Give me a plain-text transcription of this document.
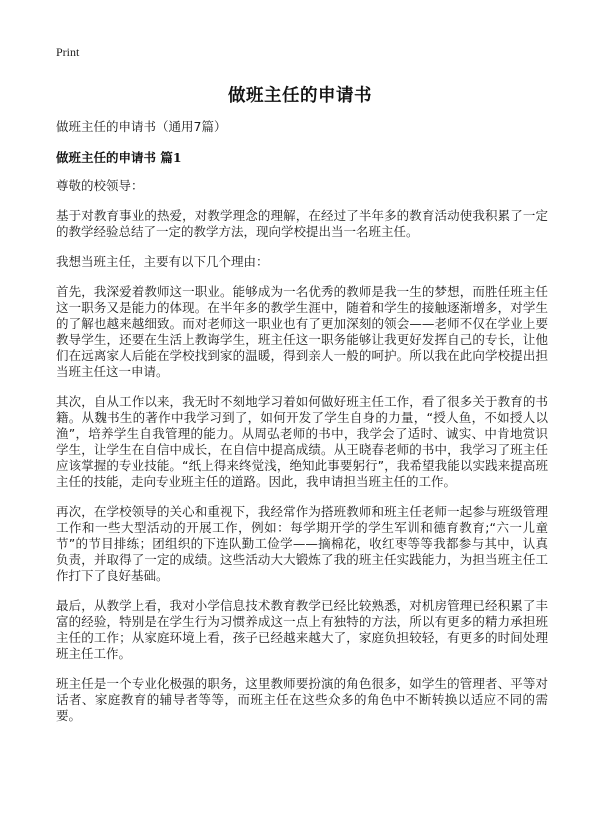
Print
做班主任的申请书

做班主任的申请书（通用7篇）

做班主任的申请书 篇1

尊敬的校领导：

基于对教育事业的热爱，对教学理念的理解，在经过了半年多的教育活动使我积累了一定的教学经验总结了一定的教学方法，现向学校提出当一名班主任。

我想当班主任，主要有以下几个理由：

首先，我深爱着教师这一职业。能够成为一名优秀的教师是我一生的梦想，而胜任班主任这一职务又是能力的体现。在半年多的教学生涯中，随着和学生的接触逐渐增多，对学生的了解也越来越细致。而对老师这一职业也有了更加深刻的领会——老师不仅在学业上要教导学生，还要在生活上教诲学生，班主任这一职务能够让我更好发挥自己的专长，让他们在远离家人后能在学校找到家的温暖，得到亲人一般的呵护。所以我在此向学校提出担当班主任这一申请。

其次，自从工作以来，我无时不刻地学习着如何做好班主任工作，看了很多关于教育的书籍。从魏书生的著作中我学习到了，如何开发了学生自身的力量，“授人鱼，不如授人以渔”，培养学生自我管理的能力。从周弘老师的书中，我学会了适时、诚实、中肯地赏识学生，让学生在自信中成长，在自信中提高成绩。从王晓春老师的书中，我学习了班主任应该掌握的专业技能。“纸上得来终觉浅，绝知此事要躬行”，我希望我能以实践来提高班主任的技能，走向专业班主任的道路。因此，我申请担当班主任的工作。

再次，在学校领导的关心和重视下，我经常作为搭班教师和班主任老师一起参与班级管理工作和一些大型活动的开展工作，例如：每学期开学的学生军训和德育教育;“六一儿童节”的节目排练；团组织的下连队勤工俭学——摘棉花，收红枣等等我都参与其中，认真负责，并取得了一定的成绩。这些活动大大锻炼了我的班主任实践能力，为担当班主任工作打下了良好基础。

最后，从教学上看，我对小学信息技术教育教学已经比较熟悉，对机房管理已经积累了丰富的经验，特别是在学生行为习惯养成这一点上有独特的方法，所以有更多的精力承担班主任的工作；从家庭环境上看，孩子已经越来越大了，家庭负担较轻，有更多的时间处理班主任工作。

班主任是一个专业化极强的职务，这里教师要扮演的角色很多，如学生的管理者、平等对话者、家庭教育的辅导者等等，而班主任在这些众多的角色中不断转换以适应不同的需要。
